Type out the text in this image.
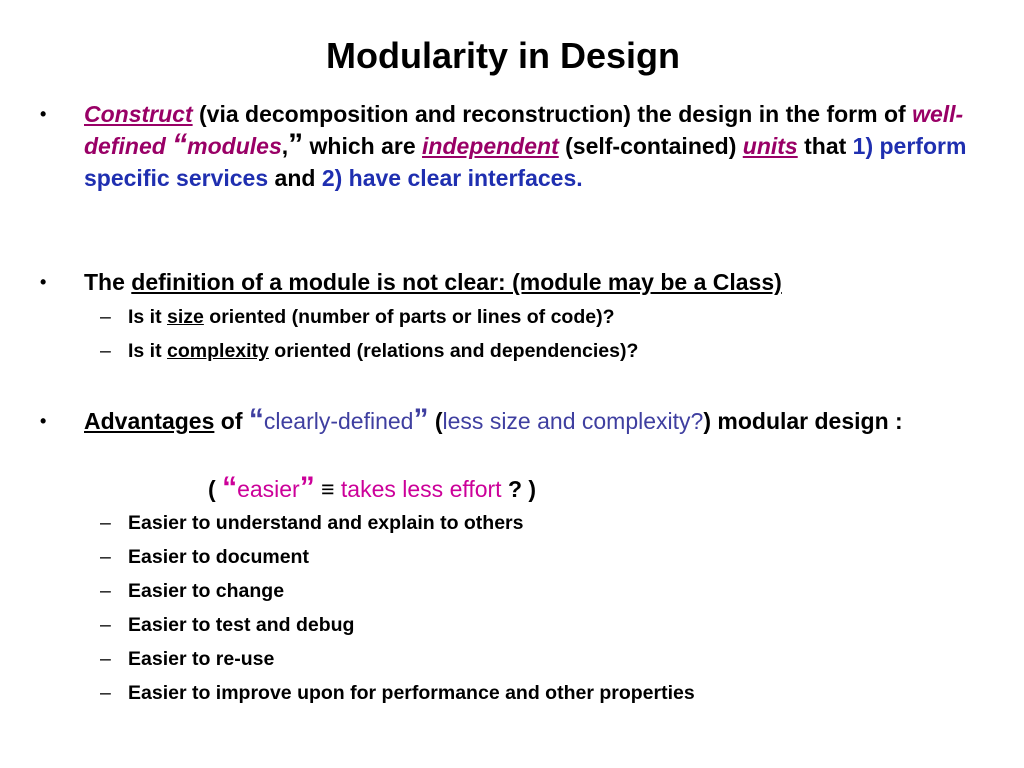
Modularity in Design
• Construct (via decomposition and reconstruction) the design in the form of well-defined “modules,” which are independent (self-contained) units that 1) perform specific services and 2) have clear interfaces.
• The definition of a module is not clear: (module may be a Class)
– Is it size oriented (number of parts or lines of code)?
– Is it complexity oriented (relations and dependencies)?
• Advantages of “clearly-defined” (less size and complexity?) modular design :
( “easier” ≡ takes less effort ? )
– Easier to understand and explain to others
– Easier to document
– Easier to change
– Easier to test and debug
– Easier to re-use
– Easier to improve upon for performance and other properties
